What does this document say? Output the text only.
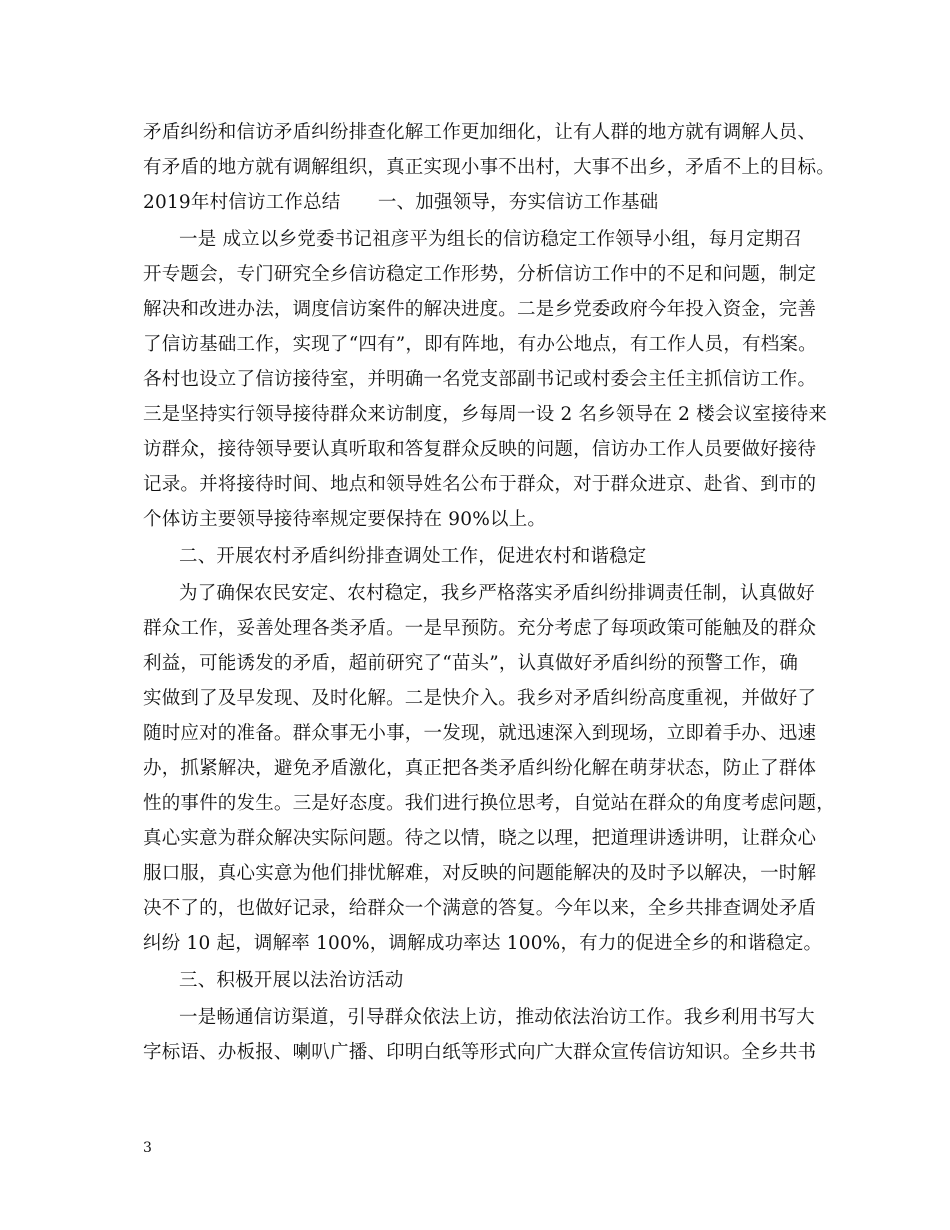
矛盾纠纷和信访矛盾纠纷排查化解工作更加细化，让有人群的地方就有调解人员、
有矛盾的地方就有调解组织，真正实现小事不出村，大事不出乡，矛盾不上的目标。
2019年村信访工作总结　　一、加强领导，夯实信访工作基础
一是 成立以乡党委书记祖彦平为组长的信访稳定工作领导小组，每月定期召
开专题会，专门研究全乡信访稳定工作形势，分析信访工作中的不足和问题，制定
解决和改进办法，调度信访案件的解决进度。二是乡党委政府今年投入资金，完善
了信访基础工作，实现了“四有”，即有阵地，有办公地点，有工作人员，有档案。
各村也设立了信访接待室，并明确一名党支部副书记或村委会主任主抓信访工作。
三是坚持实行领导接待群众来访制度，乡每周一设 2 名乡领导在 2 楼会议室接待来
访群众，接待领导要认真听取和答复群众反映的问题，信访办工作人员要做好接待
记录。并将接待时间、地点和领导姓名公布于群众，对于群众进京、赴省、到市的
个体访主要领导接待率规定要保持在 90%以上。
二、开展农村矛盾纠纷排查调处工作，促进农村和谐稳定
为了确保农民安定、农村稳定，我乡严格落实矛盾纠纷排调责任制，认真做好
群众工作，妥善处理各类矛盾。一是早预防。充分考虑了每项政策可能触及的群众
利益，可能诱发的矛盾，超前研究了“苗头”，认真做好矛盾纠纷的预警工作，确
实做到了及早发现、及时化解。二是快介入。我乡对矛盾纠纷高度重视，并做好了
随时应对的准备。群众事无小事，一发现，就迅速深入到现场，立即着手办、迅速
办，抓紧解决，避免矛盾激化，真正把各类矛盾纠纷化解在萌芽状态，防止了群体
性的事件的发生。三是好态度。我们进行换位思考，自觉站在群众的角度考虑问题，
真心实意为群众解决实际问题。待之以情，晓之以理，把道理讲透讲明，让群众心
服口服，真心实意为他们排忧解难，对反映的问题能解决的及时予以解决，一时解
决不了的，也做好记录，给群众一个满意的答复。今年以来，全乡共排查调处矛盾
纠纷 10 起，调解率 100%，调解成功率达 100%，有力的促进全乡的和谐稳定。
三、积极开展以法治访活动
一是畅通信访渠道，引导群众依法上访，推动依法治访工作。我乡利用书写大
字标语、办板报、喇叭广播、印明白纸等形式向广大群众宣传信访知识。全乡共书
3
